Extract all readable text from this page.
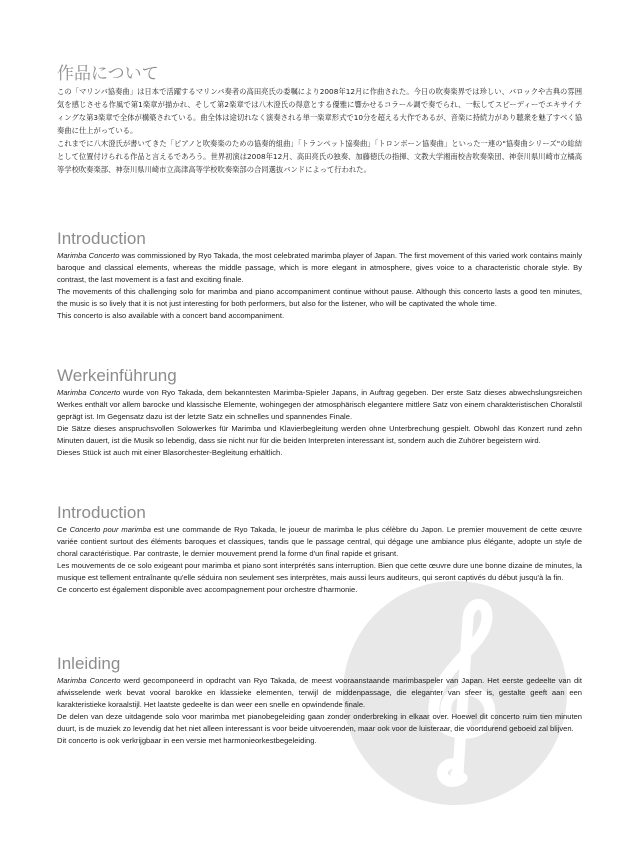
作品について

この「マリンバ協奏曲」は日本で活躍するマリンバ奏者の高田亮氏の委嘱により2008年12月に作曲された。今日の吹奏楽界では珍しい、バロックや古典の雰囲気を感じさせる作風で第1楽章が描かれ、そして第2楽章では八木澄氏の得意とする優雅に響かせるコラール調で奏でられ、一転してスピーディーでエキサイティングな第3楽章で全体が構築されている。曲全体は途切れなく演奏される単一楽章形式で10分を超える大作であるが、音楽に持続力があり聴衆を魅了すべく協奏曲に仕上がっている。

これまでに八木澄氏が書いてきた「ピアノと吹奏楽のための協奏的組曲」「トランペット協奏曲」「トロンボーン協奏曲」といった一連の"協奏曲シリーズ"の総結として位置付けられる作品と言えるであろう。世界初演は2008年12月、高田亮氏の独奏、加藤徳氏の指揮、文教大学湘南校舎吹奏楽団、神奈川県川崎市立橘高等学校吹奏楽部、神奈川県川崎市立高津高等学校吹奏楽部の合同選抜バンドによって行われた。

Introduction

Marimba Concerto was commissioned by Ryo Takada, the most celebrated marimba player of Japan. The first movement of this varied work contains mainly baroque and classical elements, whereas the middle passage, which is more elegant in atmosphere, gives voice to a characteristic chorale style. By contrast, the last movement is a fast and exciting finale.

The movements of this challenging solo for marimba and piano accompaniment continue without pause. Although this concerto lasts a good ten minutes, the music is so lively that it is not just interesting for both performers, but also for the listener, who will be captivated the whole time.

This concerto is also available with a concert band accompaniment.

Werkeinführung

Marimba Concerto wurde von Ryo Takada, dem bekanntesten Marimba-Spieler Japans, in Auftrag gegeben. Der erste Satz dieses abwechslungsreichen Werkes enthält vor allem barocke und klassische Elemente, wohingegen der atmosphärisch elegantere mittlere Satz von einem charakteristischen Choralstil geprägt ist. Im Gegensatz dazu ist der letzte Satz ein schnelles und spannendes Finale.

Die Sätze dieses anspruchsvollen Solowerkes für Marimba und Klavierbegleitung werden ohne Unterbrechung gespielt. Obwohl das Konzert rund zehn Minuten dauert, ist die Musik so lebendig, dass sie nicht nur für die beiden Interpreten interessant ist, sondern auch die Zuhörer begeistern wird.

Dieses Stück ist auch mit einer Blasorchester-Begleitung erhältlich.

Introduction

Ce Concerto pour marimba est une commande de Ryo Takada, le joueur de marimba le plus célèbre du Japon. Le premier mouvement de cette œuvre variée contient surtout des éléments baroques et classiques, tandis que le passage central, qui dégage une ambiance plus élégante, adopte un style de choral caractéristique. Par contraste, le dernier mouvement prend la forme d'un final rapide et grisant.

Les mouvements de ce solo exigeant pour marimba et piano sont interprétés sans interruption. Bien que cette œuvre dure une bonne dizaine de minutes, la musique est tellement entraînante qu'elle séduira non seulement ses interprètes, mais aussi leurs auditeurs, qui seront captivés du début jusqu'à la fin.

Ce concerto est également disponible avec accompagnement pour orchestre d'harmonie.

Inleiding

Marimba Concerto werd gecomponeerd in opdracht van Ryo Takada, de meest vooraanstaande marimbaspeler van Japan. Het eerste gedeelte van dit afwisselende werk bevat vooral barokke en klassieke elementen, terwijl de middenpassage, die eleganter van sfeer is, gestalte geeft aan een karakteristieke koraalstijl. Het laatste gedeelte is dan weer een snelle en opwindende finale.

De delen van deze uitdagende solo voor marimba met pianobegeleiding gaan zonder onderbreking in elkaar over. Hoewel dit concerto ruim tien minuten duurt, is de muziek zo levendig dat het niet alleen interessant is voor beide uitvoerenden, maar ook voor de luisteraar, die voortdurend geboeid zal blijven.

Dit concerto is ook verkrijgbaar in een versie met harmonieorkestbegeleiding.
